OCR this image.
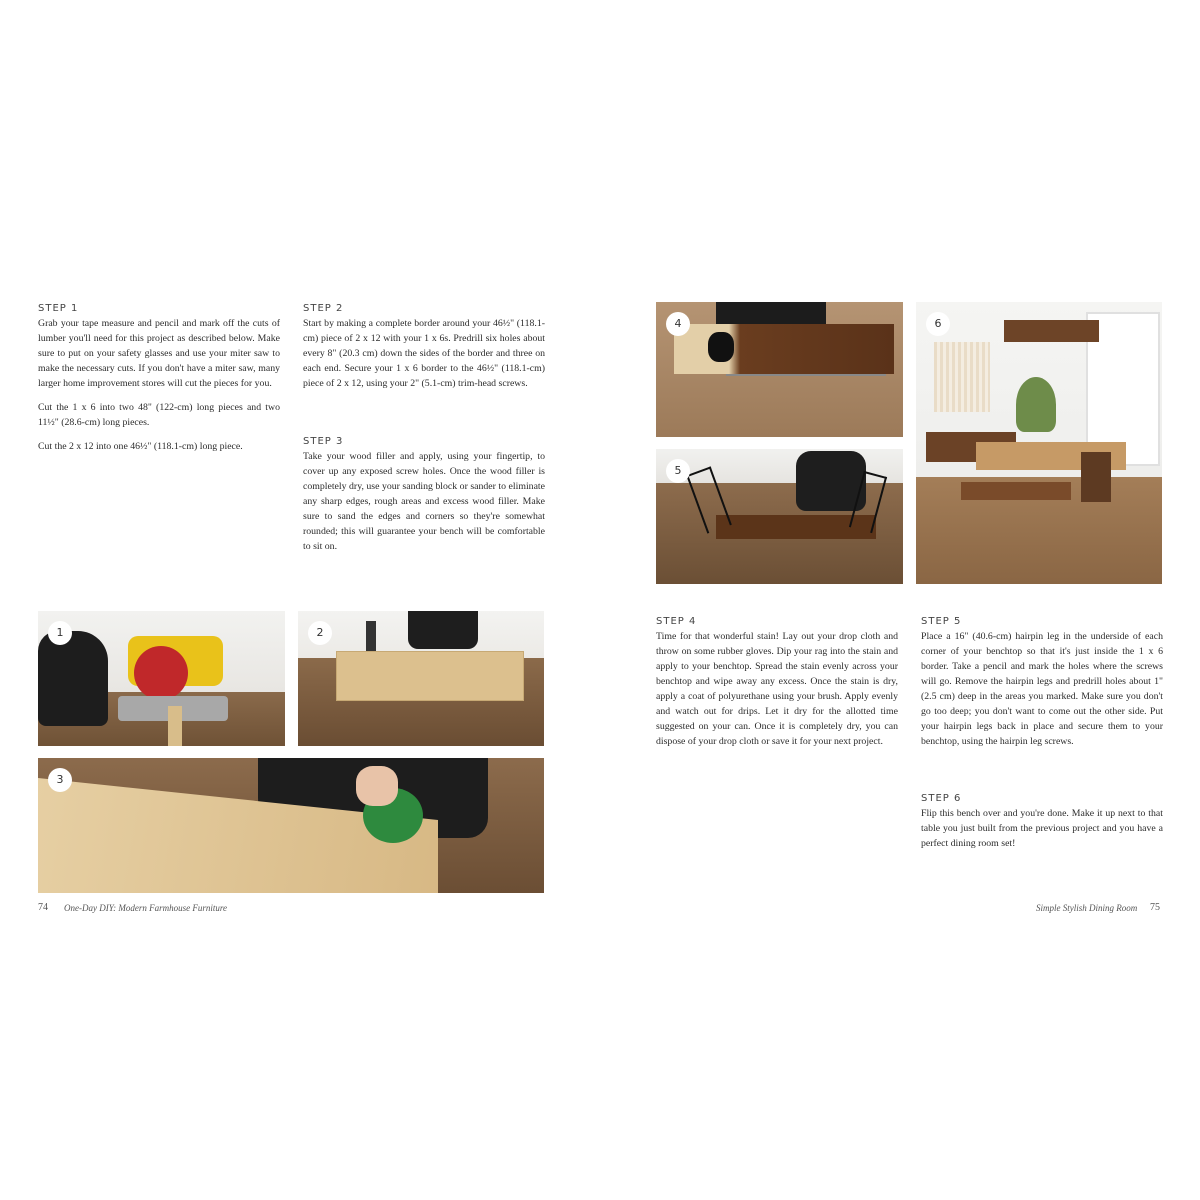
STEP 1

Grab your tape measure and pencil and mark off the cuts of lumber you'll need for this project as described below. Make sure to put on your safety glasses and use your miter saw to make the necessary cuts. If you don't have a miter saw, many larger home improvement stores will cut the pieces for you.

Cut the 1 x 6 into two 48" (122-cm) long pieces and two 11½" (28.6-cm) long pieces.

Cut the 2 x 12 into one 46½" (118.1-cm) long piece.

STEP 2

Start by making a complete border around your 46½" (118.1-cm) piece of 2 x 12 with your 1 x 6s. Predrill six holes about every 8" (20.3 cm) down the sides of the border and three on each end. Secure your 1 x 6 border to the 46½" (118.1-cm) piece of 2 x 12, using your 2" (5.1-cm) trim-head screws.

STEP 3

Take your wood filler and apply, using your fingertip, to cover up any exposed screw holes. Once the wood filler is completely dry, use your sanding block or sander to eliminate any sharp edges, rough areas and excess wood filler. Make sure to sand the edges and corners so they're somewhat rounded; this will guarantee your bench will be comfortable to sit on.

1	2
3
74 One-Day DIY: Modern Farmhouse Furniture
4
5
6
STEP 4

Time for that wonderful stain! Lay out your drop cloth and throw on some rubber gloves. Dip your rag into the stain and apply to your benchtop. Spread the stain evenly across your benchtop and wipe away any excess. Once the stain is dry, apply a coat of polyurethane using your brush. Apply evenly and watch out for drips. Let it dry for the allotted time suggested on your can. Once it is completely dry, you can dispose of your drop cloth or save it for your next project.

STEP 5

Place a 16" (40.6-cm) hairpin leg in the underside of each corner of your benchtop so that it's just inside the 1 x 6 border. Take a pencil and mark the holes where the screws will go. Remove the hairpin legs and predrill holes about 1" (2.5 cm) deep in the areas you marked. Make sure you don't go too deep; you don't want to come out the other side. Put your hairpin legs back in place and secure them to your benchtop, using the hairpin leg screws.

STEP 6

Flip this bench over and you're done. Make it up next to that table you just built from the previous project and you have a perfect dining room set!

Simple Stylish Dining Room 75
